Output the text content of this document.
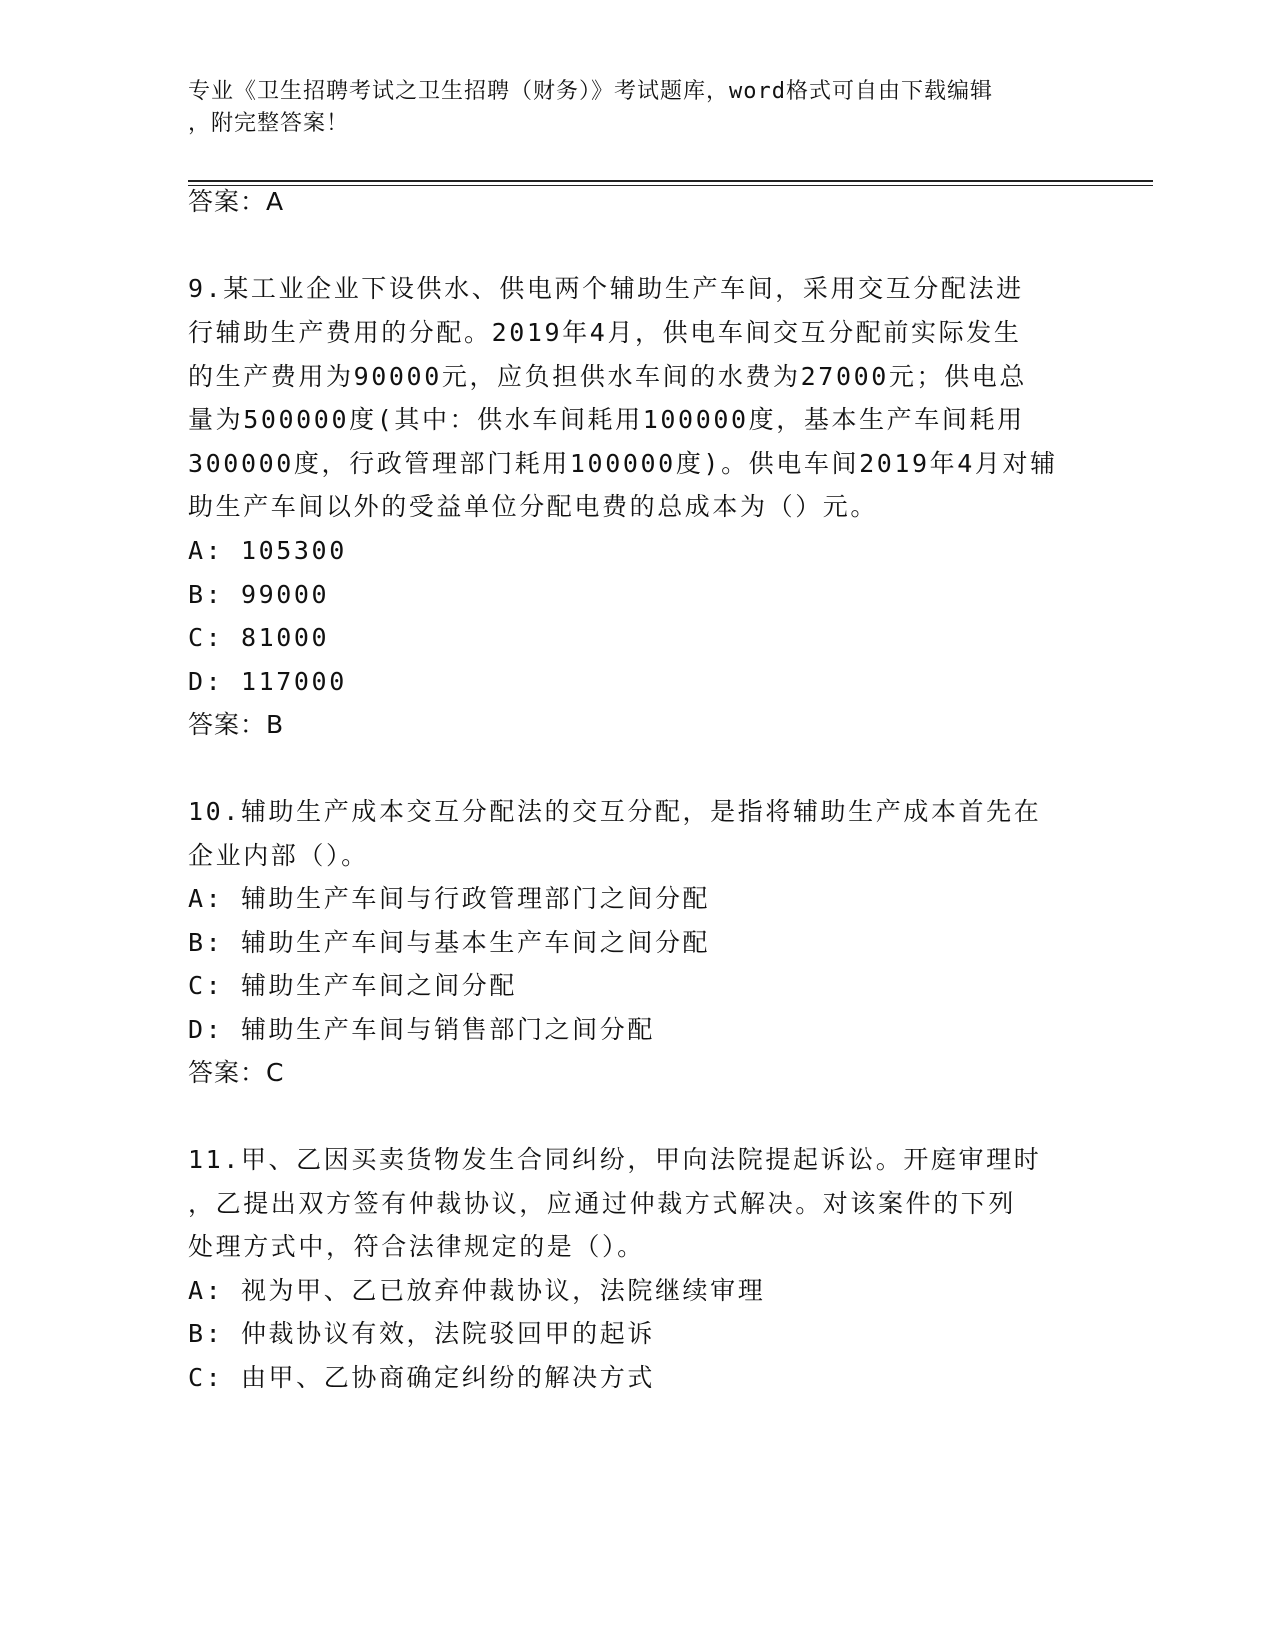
专业《卫生招聘考试之卫生招聘（财务）》考试题库，word格式可自由下载编辑
，附完整答案！
答案：A
9.某工业企业下设供水、供电两个辅助生产车间，采用交互分配法进
行辅助生产费用的分配。2019年4月，供电车间交互分配前实际发生
的生产费用为90000元，应负担供水车间的水费为27000元；供电总
量为500000度(其中：供水车间耗用100000度，基本生产车间耗用
300000度，行政管理部门耗用100000度)。供电车间2019年4月对辅
助生产车间以外的受益单位分配电费的总成本为（）元。
A: 105300
B: 99000
C: 81000
D: 117000
答案：B
10.辅助生产成本交互分配法的交互分配，是指将辅助生产成本首先在
企业内部（）。
A: 辅助生产车间与行政管理部门之间分配
B: 辅助生产车间与基本生产车间之间分配
C: 辅助生产车间之间分配
D: 辅助生产车间与销售部门之间分配
答案：C
11.甲、乙因买卖货物发生合同纠纷，甲向法院提起诉讼。开庭审理时
，乙提出双方签有仲裁协议，应通过仲裁方式解决。对该案件的下列
处理方式中，符合法律规定的是（）。
A: 视为甲、乙已放弃仲裁协议，法院继续审理
B: 仲裁协议有效，法院驳回甲的起诉
C: 由甲、乙协商确定纠纷的解决方式
